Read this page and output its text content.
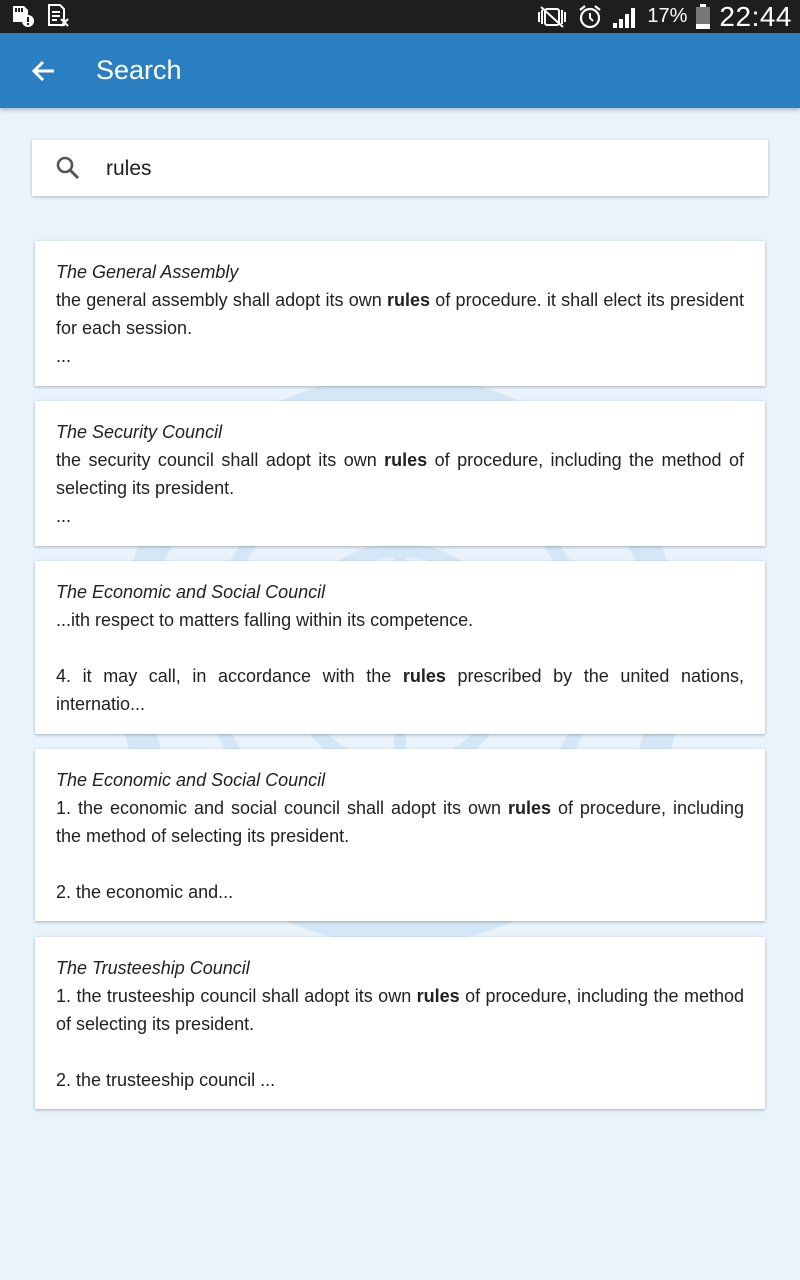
17% 22:44
Search
rules
The General Assembly
the general assembly shall adopt its own rules of procedure. it shall elect its president for each session.
...
The Security Council
the security council shall adopt its own rules of procedure, including the method of selecting its president.
...
The Economic and Social Council
...ith respect to matters falling within its competence.
4. it may call, in accordance with the rules prescribed by the united nations, internatio...
The Economic and Social Council
1. the economic and social council shall adopt its own rules of procedure, including the method of selecting its president.
2. the economic and...
The Trusteeship Council
1. the trusteeship council shall adopt its own rules of procedure, including the method of selecting its president.
2. the trusteeship council ...
